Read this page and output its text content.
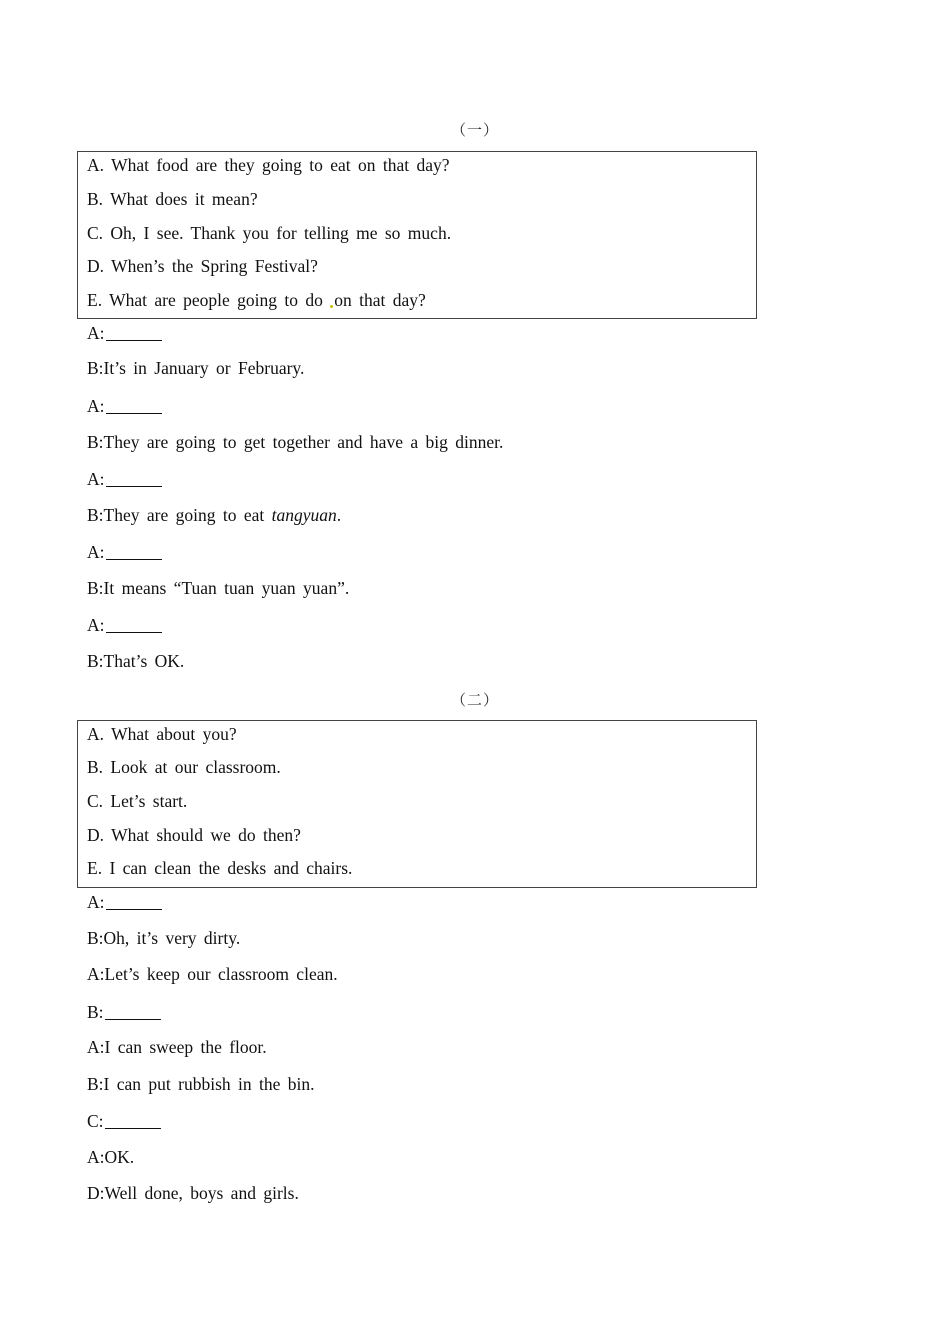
（一）
A. What food are they going to eat on that day?
B. What does it mean?
C. Oh, I see. Thank you for telling me so much.
D. When’s the Spring Festival?
E. What are people going to do on that day?
A:
B:It’s in January or February.
A:
B:They are going to get together and have a big dinner.
A:
B:They are going to eat tangyuan.
A:
B:It means “Tuan tuan yuan yuan”.
A:
B:That’s OK.
（二）
A. What about you?
B. Look at our classroom.
C. Let’s start.
D. What should we do then?
E. I can clean the desks and chairs.
A:
B:Oh, it’s very dirty.
A:Let’s keep our classroom clean.
B:
A:I can sweep the floor.
B:I can put rubbish in the bin.
C:
A:OK.
D:Well done, boys and girls.
